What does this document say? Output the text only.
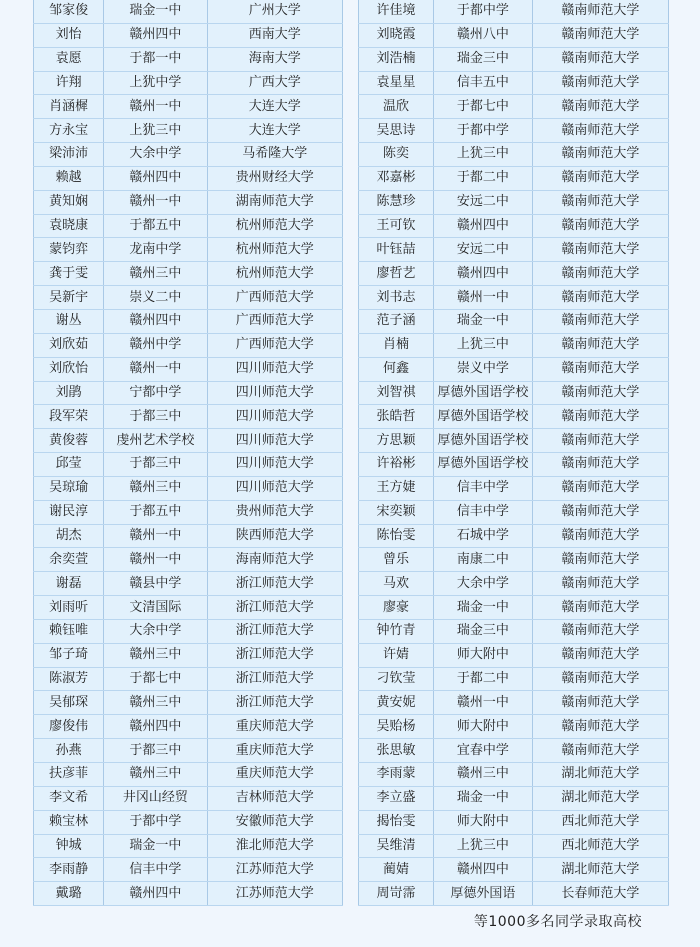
邹家俊	瑞金一中	广州大学
刘怡	赣州四中	西南大学
袁愿	于都一中	海南大学
许翔	上犹中学	广西大学
肖涵樨	赣州一中	大连大学
方永宝	上犹三中	大连大学
梁沛沛	大余中学	马希隆大学
赖越	赣州四中	贵州财经大学
黄知娴	赣州一中	湖南师范大学
袁晓康	于都五中	杭州师范大学
蒙钧弈	龙南中学	杭州师范大学
龚于雯	赣州三中	杭州师范大学
吴新宇	崇义二中	广西师范大学
谢丛	赣州四中	广西师范大学
刘欣茹	赣州中学	广西师范大学
刘欣怡	赣州一中	四川师范大学
刘鹃	宁都中学	四川师范大学
段军荣	于都三中	四川师范大学
黄俊蓉	虔州艺术学校	四川师范大学
邱莹	于都三中	四川师范大学
吴琼瑜	赣州三中	四川师范大学
谢民淳	于都五中	贵州师范大学
胡杰	赣州一中	陕西师范大学
余奕萱	赣州一中	海南师范大学
谢磊	赣县中学	浙江师范大学
刘雨听	文清国际	浙江师范大学
赖钰唯	大余中学	浙江师范大学
邹子琦	赣州三中	浙江师范大学
陈淑芳	于都七中	浙江师范大学
吴郁琛	赣州三中	浙江师范大学
廖俊伟	赣州四中	重庆师范大学
孙燕	于都三中	重庆师范大学
扶彦菲	赣州三中	重庆师范大学
李文希	井冈山经贸	吉林师范大学
赖宝林	于都中学	安徽师范大学
钟城	瑞金一中	淮北师范大学
李雨静	信丰中学	江苏师范大学
戴璐	赣州四中	江苏师范大学
许佳境	于都中学	赣南师范大学
刘晓霞	赣州八中	赣南师范大学
刘浩楠	瑞金三中	赣南师范大学
袁星星	信丰五中	赣南师范大学
温欣	于都七中	赣南师范大学
吴思诗	于都中学	赣南师范大学
陈奕	上犹三中	赣南师范大学
邓嘉彬	于都二中	赣南师范大学
陈慧珍	安远二中	赣南师范大学
王可钦	赣州四中	赣南师范大学
叶钰喆	安远二中	赣南师范大学
廖哲艺	赣州四中	赣南师范大学
刘书志	赣州一中	赣南师范大学
范子涵	瑞金一中	赣南师范大学
肖楠	上犹三中	赣南师范大学
何鑫	崇义中学	赣南师范大学
刘智祺	厚德外国语学校	赣南师范大学
张皓哲	厚德外国语学校	赣南师范大学
方思颖	厚德外国语学校	赣南师范大学
许裕彬	厚德外国语学校	赣南师范大学
王方婕	信丰中学	赣南师范大学
宋奕颖	信丰中学	赣南师范大学
陈怡雯	石城中学	赣南师范大学
曾乐	南康二中	赣南师范大学
马欢	大余中学	赣南师范大学
廖豪	瑞金一中	赣南师范大学
钟竹青	瑞金三中	赣南师范大学
许婧	师大附中	赣南师范大学
刁钦莹	于都二中	赣南师范大学
黄安妮	赣州一中	赣南师范大学
吴贻杨	师大附中	赣南师范大学
张思敏	宜春中学	赣南师范大学
李雨蒙	赣州三中	湖北师范大学
李立盛	瑞金一中	湖北师范大学
揭怡雯	师大附中	西北师范大学
吴维清	上犹三中	西北师范大学
蔺婧	赣州四中	湖北师范大学
周岢霈	厚德外国语	长春师范大学
等1000多名同学录取高校
